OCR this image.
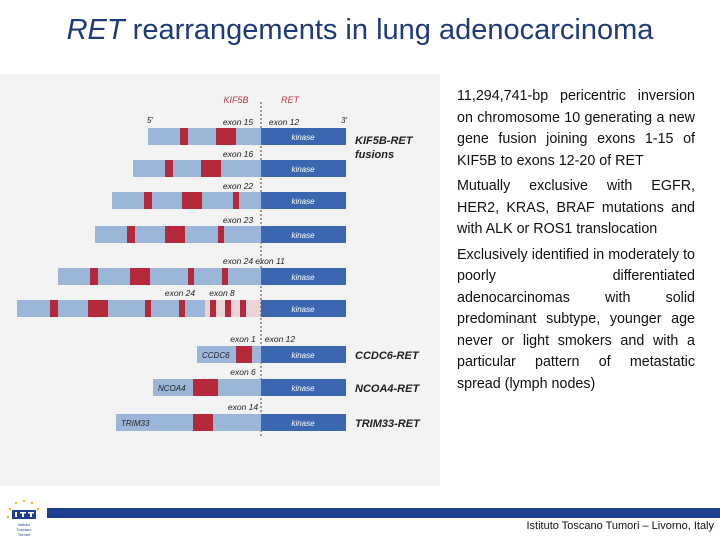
RET rearrangements in lung adenocarcinoma
KIF5B	RET
5'	3'
kinase
exon 15 exon 12
kinase
exon 16
kinase
exon 22
kinase
exon 23
kinase
exon 24 exon 11
kinase
exon 24 exon 8
KIF5B-RET
fusions
kinase
exon 1 exon 12
CCDC6	CCDC6-RET
kinase
exon 6
NCOA4	NCOA4-RET
kinase
exon 14
TRIM33	TRIM33-RET

11,294,741-bp pericentric inversion on chromosome 10 generating a new gene fusion joining exons 1-15 of KIF5B to exons 12-20 of RET

Mutually exclusive with EGFR, HER2, KRAS, BRAF mutations and with ALK or ROS1 translocation

Exclusively identified in moderately to poorly differentiated adenocarcinomas with solid predominant subtype, younger age never or light smokers and with a particular pattern of metastatic spread (lymph nodes)

Istituto
Toscano
Tumori
Istituto Toscano Tumori – Livorno, Italy
